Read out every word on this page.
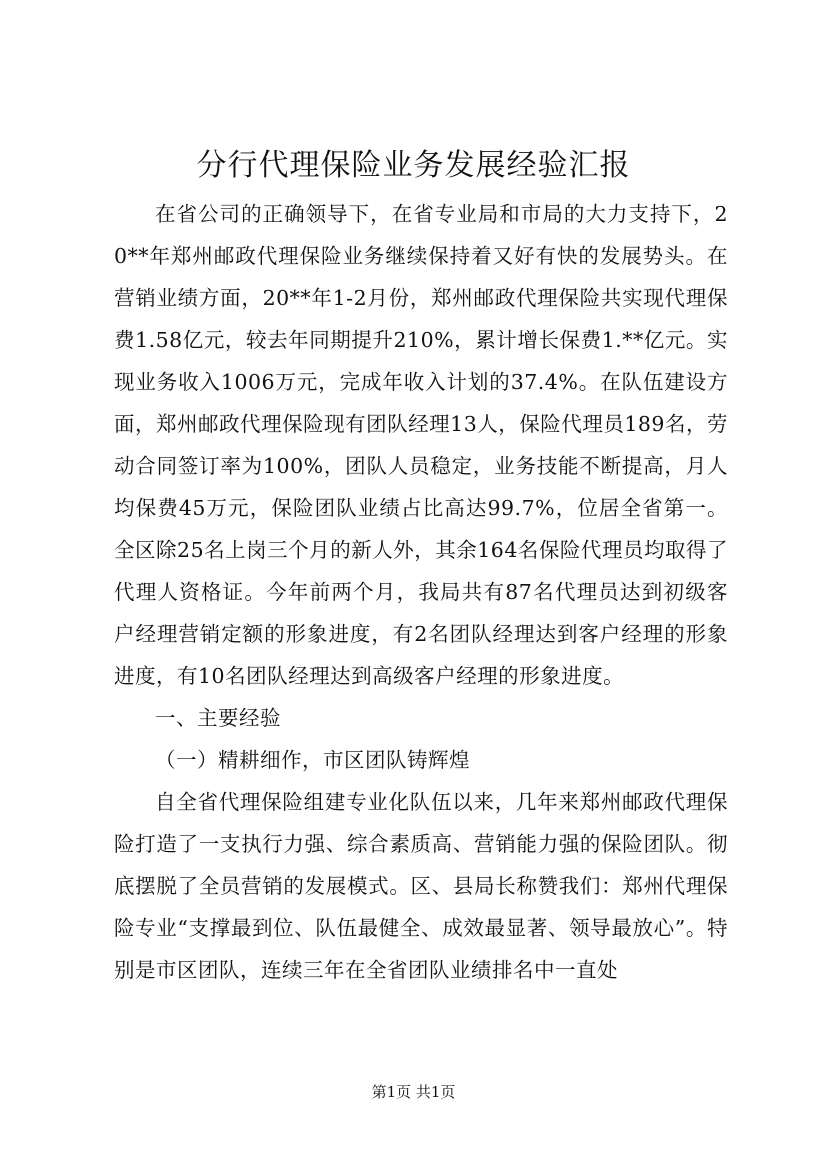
分行代理保险业务发展经验汇报

在省公司的正确领导下，在省专业局和市局的大力支持下，20**年郑州邮政代理保险业务继续保持着又好有快的发展势头。在营销业绩方面，20**年1-2月份，郑州邮政代理保险共实现代理保费1.58亿元，较去年同期提升210%，累计增长保费1.**亿元。实现业务收入1006万元，完成年收入计划的37.4%。在队伍建设方面，郑州邮政代理保险现有团队经理13人，保险代理员189名，劳动合同签订率为100%，团队人员稳定，业务技能不断提高，月人均保费45万元，保险团队业绩占比高达99.7%，位居全省第一。全区除25名上岗三个月的新人外，其余164名保险代理员均取得了代理人资格证。今年前两个月，我局共有87名代理员达到初级客户经理营销定额的形象进度，有2名团队经理达到客户经理的形象进度，有10名团队经理达到高级客户经理的形象进度。

一、主要经验

（一）精耕细作，市区团队铸辉煌

自全省代理保险组建专业化队伍以来，几年来郑州邮政代理保险打造了一支执行力强、综合素质高、营销能力强的保险团队。彻底摆脱了全员营销的发展模式。区、县局长称赞我们：郑州代理保险专业“支撑最到位、队伍最健全、成效最显著、领导最放心”。特别是市区团队，连续三年在全省团队业绩排名中一直处

第1页 共1页
